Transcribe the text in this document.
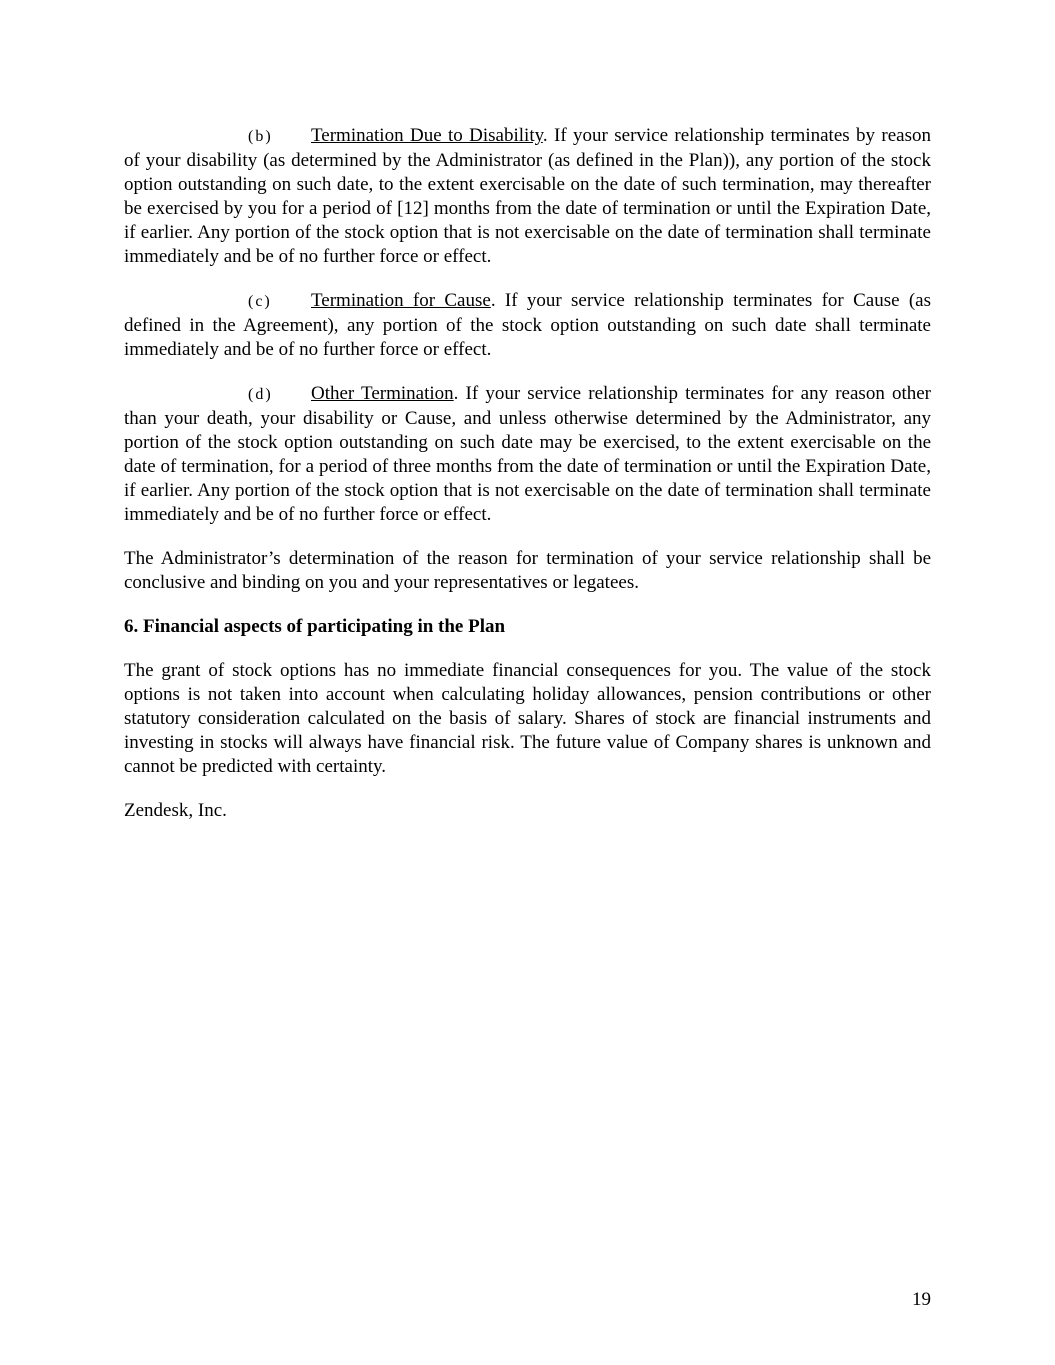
(b) Termination Due to Disability. If your service relationship terminates by reason of your disability (as determined by the Administrator (as defined in the Plan)), any portion of the stock option outstanding on such date, to the extent exercisable on the date of such termination, may thereafter be exercised by you for a period of [12] months from the date of termination or until the Expiration Date, if earlier. Any portion of the stock option that is not exercisable on the date of termination shall terminate immediately and be of no further force or effect.

(c) Termination for Cause. If your service relationship terminates for Cause (as defined in the Agreement), any portion of the stock option outstanding on such date shall terminate immediately and be of no further force or effect.

(d) Other Termination. If your service relationship terminates for any reason other than your death, your disability or Cause, and unless otherwise determined by the Administrator, any portion of the stock option outstanding on such date may be exercised, to the extent exercisable on the date of termination, for a period of three months from the date of termination or until the Expiration Date, if earlier. Any portion of the stock option that is not exercisable on the date of termination shall terminate immediately and be of no further force or effect.

The Administrator’s determination of the reason for termination of your service relationship shall be conclusive and binding on you and your representatives or legatees.

6. Financial aspects of participating in the Plan

The grant of stock options has no immediate financial consequences for you. The value of the stock options is not taken into account when calculating holiday allowances, pension contributions or other statutory consideration calculated on the basis of salary. Shares of stock are financial instruments and investing in stocks will always have financial risk. The future value of Company shares is unknown and cannot be predicted with certainty.

Zendesk, Inc.

19
